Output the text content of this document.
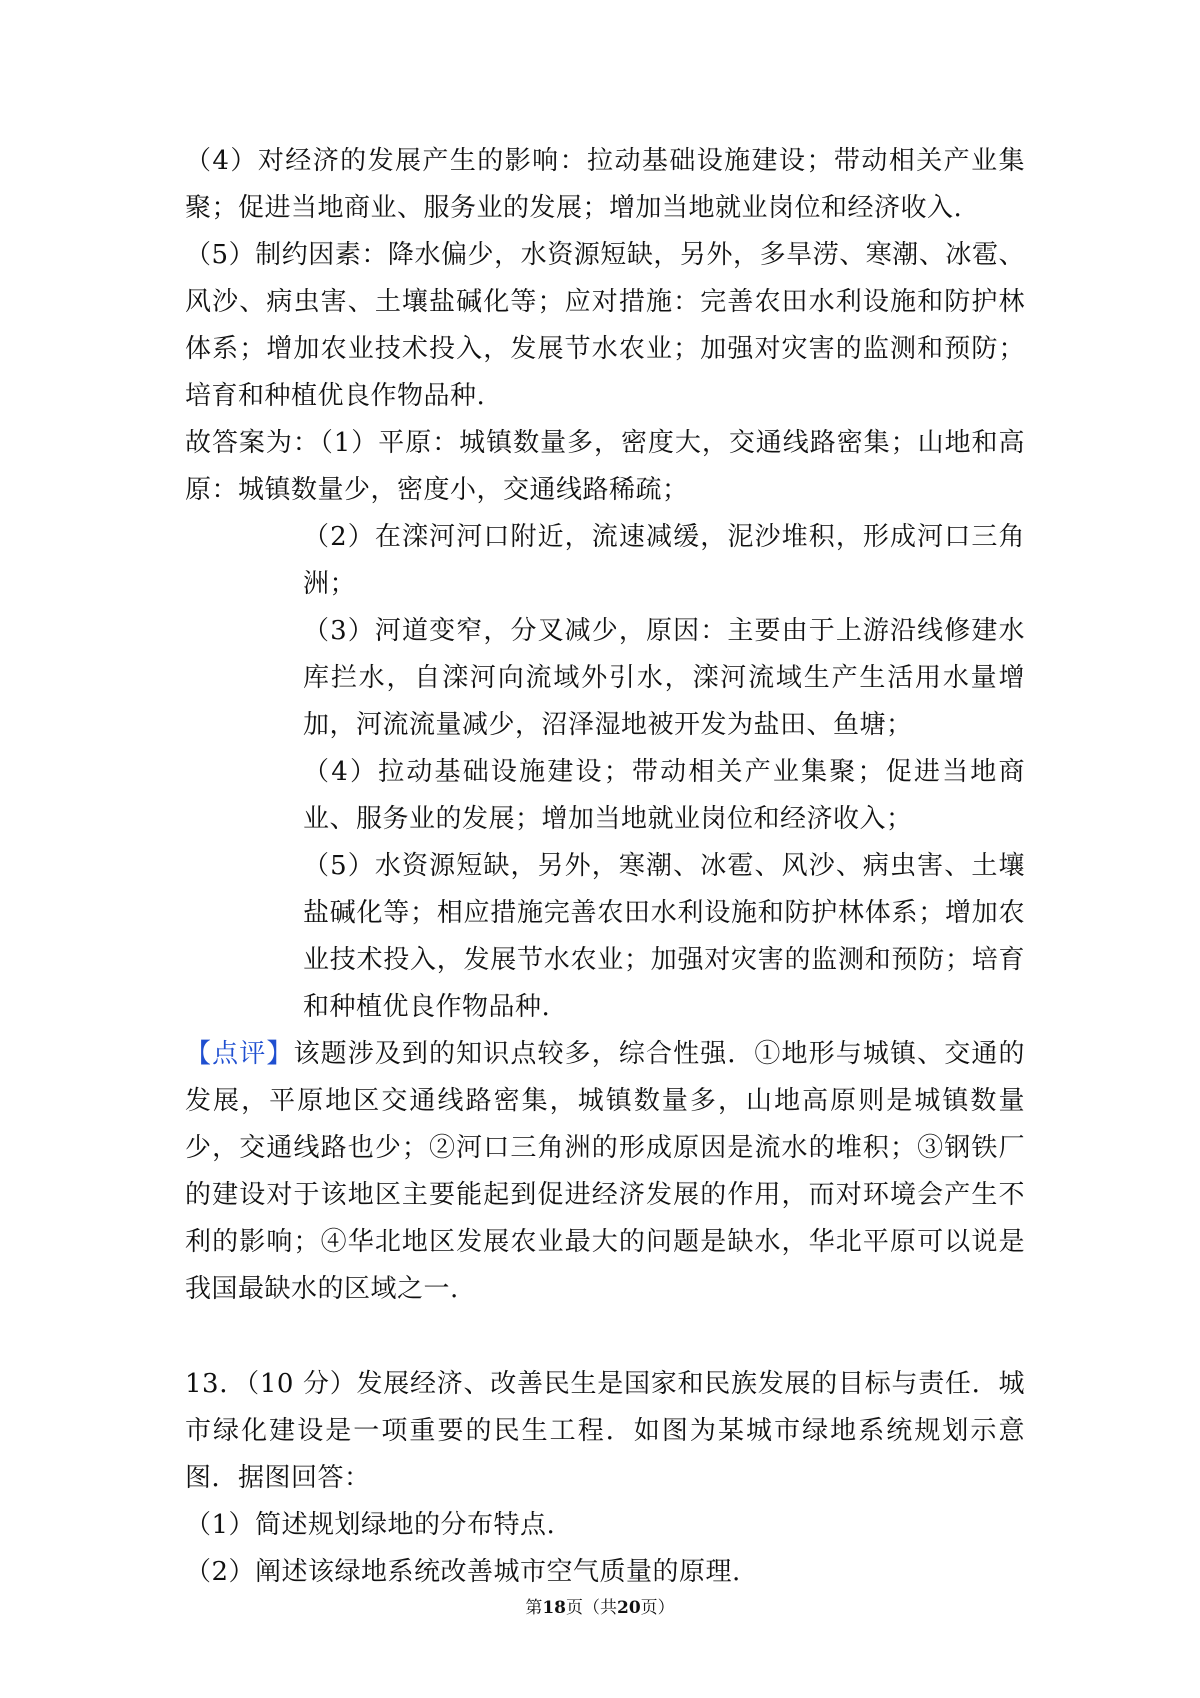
（4）对经济的发展产生的影响：拉动基础设施建设；带动相关产业集聚；促进当地商业、服务业的发展；增加当地就业岗位和经济收入.

（5）制约因素：降水偏少，水资源短缺，另外，多旱涝、寒潮、冰雹、风沙、病虫害、土壤盐碱化等；应对措施：完善农田水利设施和防护林体系；增加农业技术投入，发展节水农业；加强对灾害的监测和预防；培育和种植优良作物品种.

故答案为：（1）平原：城镇数量多，密度大，交通线路密集；山地和高原：城镇数量少，密度小，交通线路稀疏；

（2）在滦河河口附近，流速减缓，泥沙堆积，形成河口三角洲；

（3）河道变窄，分叉减少，原因：主要由于上游沿线修建水库拦水，自滦河向流域外引水，滦河流域生产生活用水量增加，河流流量减少，沼泽湿地被开发为盐田、鱼塘；

（4）拉动基础设施建设；带动相关产业集聚；促进当地商业、服务业的发展；增加当地就业岗位和经济收入；

（5）水资源短缺，另外，寒潮、冰雹、风沙、病虫害、土壤盐碱化等；相应措施完善农田水利设施和防护林体系；增加农业技术投入，发展节水农业；加强对灾害的监测和预防；培育和种植优良作物品种.

【点评】该题涉及到的知识点较多，综合性强．①地形与城镇、交通的发展，平原地区交通线路密集，城镇数量多，山地高原则是城镇数量少，交通线路也少；②河口三角洲的形成原因是流水的堆积；③钢铁厂的建设对于该地区主要能起到促进经济发展的作用，而对环境会产生不利的影响；④华北地区发展农业最大的问题是缺水，华北平原可以说是我国最缺水的区域之一.

13．（10 分）发展经济、改善民生是国家和民族发展的目标与责任．城市绿化建设是一项重要的民生工程．如图为某城市绿地系统规划示意图．据图回答：

（1）简述规划绿地的分布特点.

（2）阐述该绿地系统改善城市空气质量的原理.

第18页（共20页）
